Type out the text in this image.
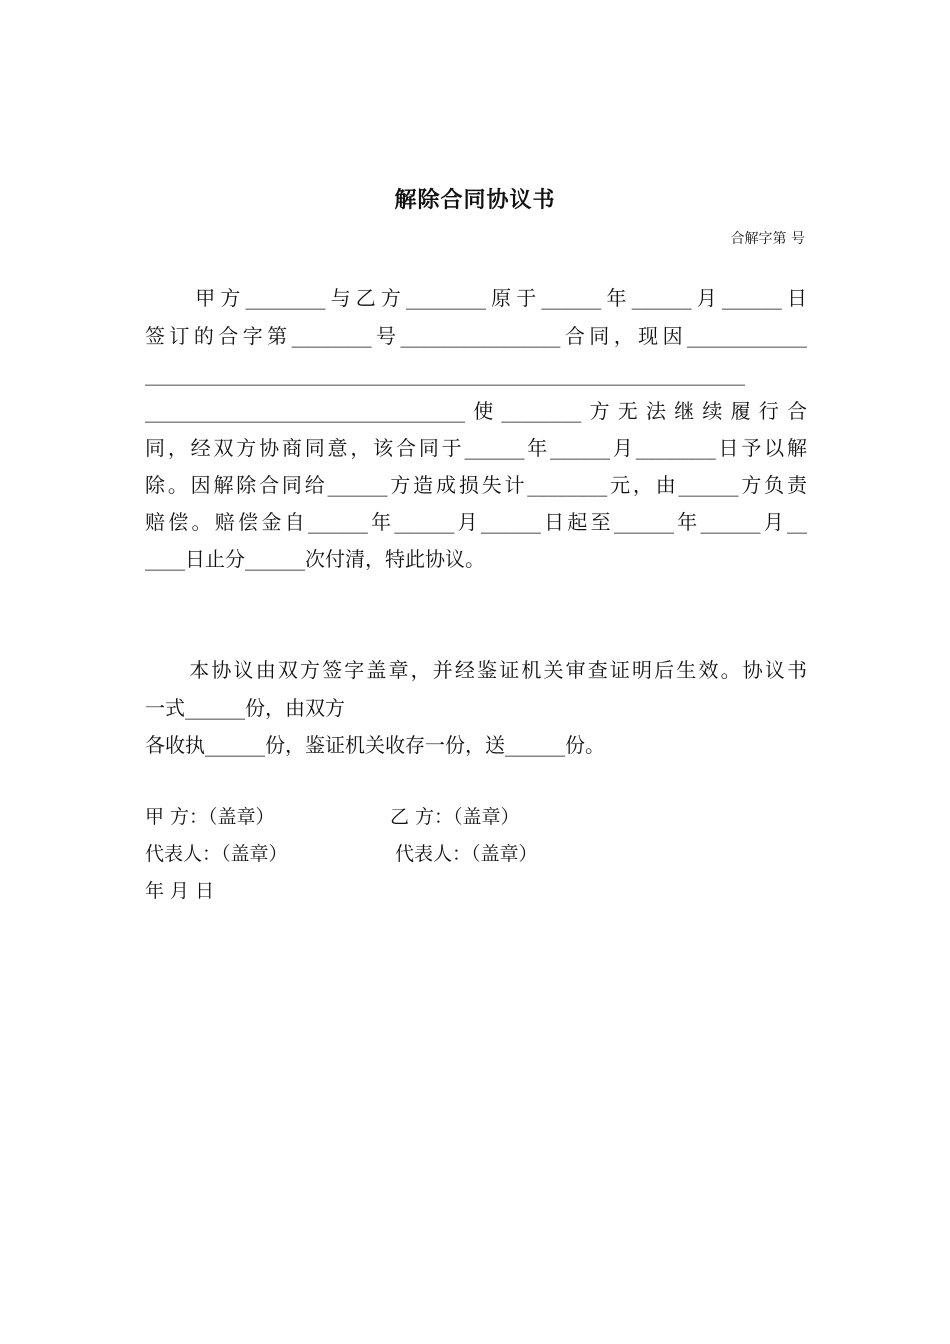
解除合同协议书

合解字第 号

　　甲方________与乙方________原于______年______月______日

签订的合字第________号________________合同，现因____________

____________________________________________________________

________________________________使________方无法继续履行合

同，经双方协商同意，该合同于______年______月________日予以解

除。因解除合同给______方造成损失计________元，由______方负责

赔偿。赔偿金自______年______月______日起至______年______月__

____日止分______次付清，特此协议。

　　本协议由双方签字盖章，并经鉴证机关审查证明后生效。协议书

一式______份，由双方

各收执______份，鉴证机关收存一份，送______份。

甲 方：（盖章）	乙 方：（盖章）

代表人：（盖章）	代表人：（盖章）

年 月 日
